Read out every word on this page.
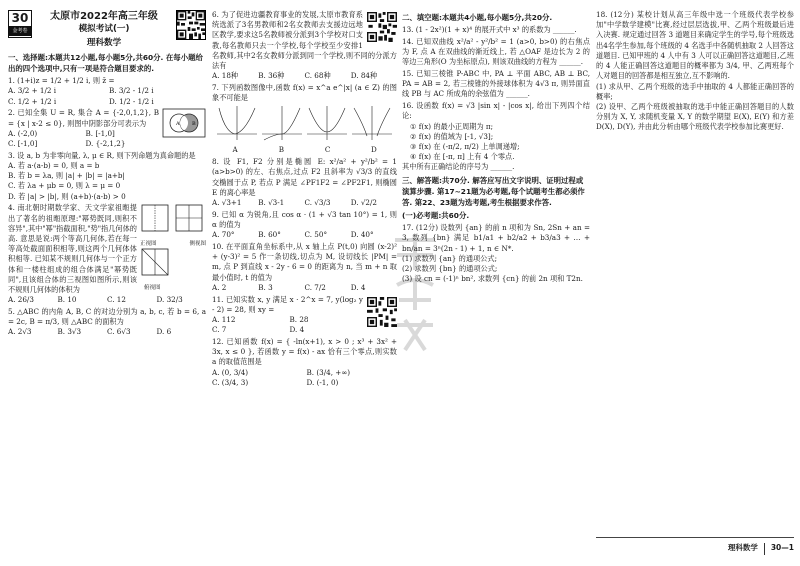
30
金考卷
太原市2022年高三年级
模拟考试(一)
理科数学
一、选择题:本题共12小题,每小题5分,共60分. 在每小题给出的四个选项中,只有一项是符合题目要求的.
1. (1+i)z = 1/2 + 1/2 i, 则 z̄ =
A. 3/2 + 1/2 i	B. 3/2 - 1/2 i
C. 1/2 + 1/2 i	D. 1/2 - 1/2 i
A B
2. 已知全集 U = R, 集合 A = {-2,0,1,2}, B = {x | x-2 ≤ 0}, 则图中阴影部分可表示为
A. (-2,0)	B. [-1,0]
C. [-1,0]	D. {-2,1,2}
3. 设 a, b 为非零向量, λ, μ ∈ R, 则下列命题为真命题的是
A. 若 a·(a-b) = 0, 则 a = b
B. 若 b = λa, 则 |a| + |b| = |a+b|
C. 若 λa + μb = 0, 则 λ = μ = 0
D. 若 |a| > |b|, 则 (a+b)·(a-b) > 0
正视图	侧视图
俯视图
4. 南北朝时期数学家、天文学家祖暅提出了著名的祖暅原理:"幂势既同,则积不容异",其中"幂"指截面积,"势"指几何体的高. 意思是说:两个等高几何体,若在每一等高处截面面积相等,则这两个几何体体积相等. 已知某不规则几何体与一个正方体和一楼柱组成的组合体满足"幂势既同",且该组合体的三视图如图所示,则该不规则几何体的体积为
A. 26/3	B. 10	C. 12	D. 32/3
5. △ABC 的内角 A, B, C 的对边分别为 a, b, c, 若 b = 6, a = 2c, B = π/3, 则 △ABC 的面积为
A. 2√3	B. 3√3	C. 6√3	D. 6
6. 为了促进边疆教育事业的发展,太原市教育系统选派了3名男教师和2名女教师去支援边远地区教学,要求这5名教师被分派到3个学校对口支教,每名教师只去一个学校,每个学校至少安排1名教师,其中2名女教师分派到同一个学校,则不同的分派方法有
A. 18种	B. 36种	C. 68种	D. 84种
7. 下列函数图像中,函数 f(x) = x^a e^|x| (a ∈ Z) 的图象不可能是
A	B	C	D
8. 设 F1, F2 分别是椭圆 E: x²/a² + y²/b² = 1 (a>b>0) 的左、右焦点,过点 F2 且斜率为 √3/3 的直线交椭圆于点 P, 若点 P 满足 ∠PF1F2 = ∠PF2F1, 则椭圆 E 的离心率是
A. √3+1	B. √3-1	C. √3/3	D. √2/2
9. 已知 α 为锐角,且 cos α · (1 + √3 tan 10°) = 1, 则 α 的值为
A. 70°	B. 60°	C. 50°	D. 40°
10. 在平面直角坐标系中,从 x 轴上点 P(t,0) 向圆 (x-2)² + (y-3)² = 5 作一条切线,切点为 M, 设切线长 |PM| = m, 点 P 到直线 x - 2y - 6 = 0 的距离为 n, 当 m + n 取最小值时, t 的值为
A. 2	B. 3	C. 7/2	D. 4
11. 已知实数 x, y 满足 x · 2^x = 7, y(log₂ y - 2) = 28, 则 xy =
A. 112	B. 28
C. 7	D. 4
12. 已知函数 f(x) = { -ln(x+1), x > 0 ; x³ + 3x² + 3x, x ≤ 0 }, 若函数 y = f(x) - ax 恰有三个零点,则实数 a 的取值范围是
A. (0, 3/4)	B. (3/4, +∞)
C. (3/4, 3)	D. (-1, 0)
二、填空题:本题共4小题,每小题5分,共20分.
13. (1 - 2x²)(1 + x)⁴ 的展开式中 x³ 的系数为 ______.
14. 已知双曲线 x²/a² - y²/b² = 1 (a>0, b>0) 的右焦点为 F, 点 A 在双曲线的渐近线上, 若 △OAF 是边长为 2 的等边三角形(O 为坐标原点), 则该双曲线的方程为 ______.
15. 已知三棱锥 P-ABC 中, PA ⊥ 平面 ABC, AB ⊥ BC, PA = AB = 2, 若三棱锥的外接球体积为 4√3 π, 则异面直线 PB 与 AC 所成角的余弦值为 ______.
16. 设函数 f(x) = √3 |sin x| - |cos x|, 给出下列四个结论:
① f(x) 的最小正周期为 π;
② f(x) 的值域为 [-1, √3];
③ f(x) 在 (-π/2, π/2) 上单调递增;
④ f(x) 在 [-π, π] 上有 4 个零点.
其中所有正确结论的序号为 ______.
三、解答题:共70分. 解答应写出文字说明、证明过程或演算步骤. 第17~21题为必考题,每个试题考生都必须作答. 第22、23题为选考题,考生根据要求作答.
(一)必考题:共60分.
17. (12分) 设数列 {an} 的前 n 项和为 Sn, 2Sn + an = 3, 数列 {bn} 满足 b1/a1 + b2/a2 + b3/a3 + … + bn/an = 3ⁿ(2n - 1) + 1, n ∈ N*.
(1) 求数列 {an} 的通项公式;
(2) 求数列 {bn} 的通项公式;
(3) 设 cn = (-1)ⁿ bn², 求数列 {cn} 的前 2n 项和 T2n.
18. (12分) 某校计划从高三年级中选一个班级代表学校参加"中学数学建模"比赛,经过层层选拔,甲、乙两个班级最后进入决赛. 规定通过回答 3 道题目来确定学生的学号,每个班级选出4名学生参加,每个班级的 4 名选手中各随机抽取 2 人回答这道题目. 已知甲班的 4 人中有 3 人可以正确回答这道题目,乙班的 4 人能正确回答这道题目的概率都为 3/4, 甲、乙两班每个人对题目的回答都是相互独立,互不影响的.
(1) 求从甲、乙两个班级的选手中抽取的 4 人都能正确回答的概率;
(2) 设甲、乙两个班级被抽取的选手中能正确回答题目的人数分别为 X, Y, 求随机变量 X, Y 的数学期望 E(X), E(Y) 和方差 D(X), D(Y), 并由此分析由哪个班级代表学校参加比赛更好.
理科数学 30—1
